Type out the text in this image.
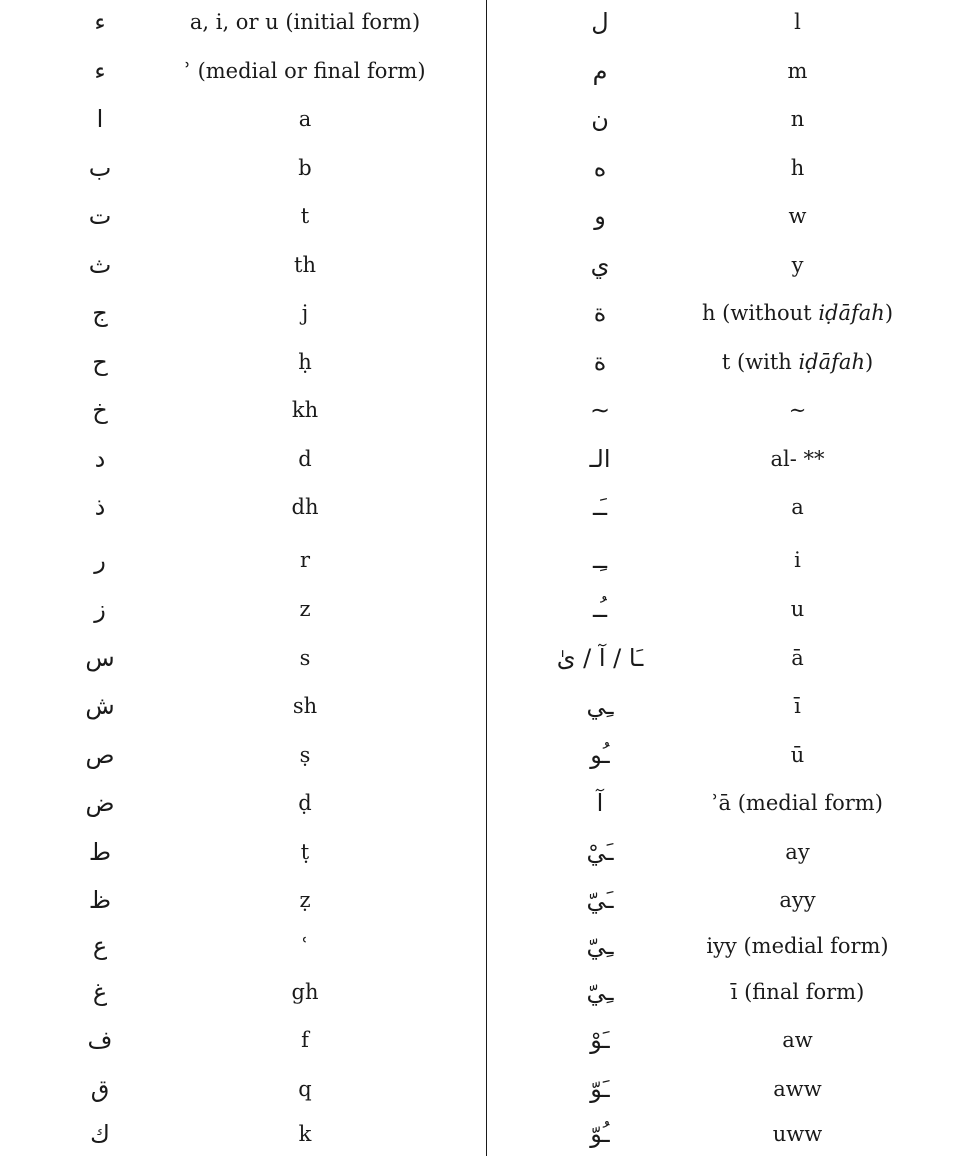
ء	a, i, or u (initial form)	ل	l
ء	ʾ (medial or final form)	م	m
ا	a	ن	n
ب	b	ه	h
ت	t	و	w
ث	th	ي	y
ج	j	ة	h (without iḍāfah)
ح	ḥ	ة	t (with iḍāfah)
خ	kh	∼	∼
د	d	الـ	al- **
ذ	dh	ـَـ	a
ر	r	ـِـ	i
ز	z	ـُـ	u
س	s	ـَا / آ / ىٰ	ā
ش	sh	ـِي	ī
ص	ṣ	ـُو	ū
ض	ḍ	آ	ʾā (medial form)
ط	ṭ	ـَيْ	ay
ظ	ẓ	ـَيّ	ayy
ع	ʿ	ـِيّ	iyy (medial form)
غ	gh	ـِيّ	ī (final form)
ف	f	ـَوْ	aw
ق	q	ـَوّ	aww
ك	k	ـُوّ	uww
